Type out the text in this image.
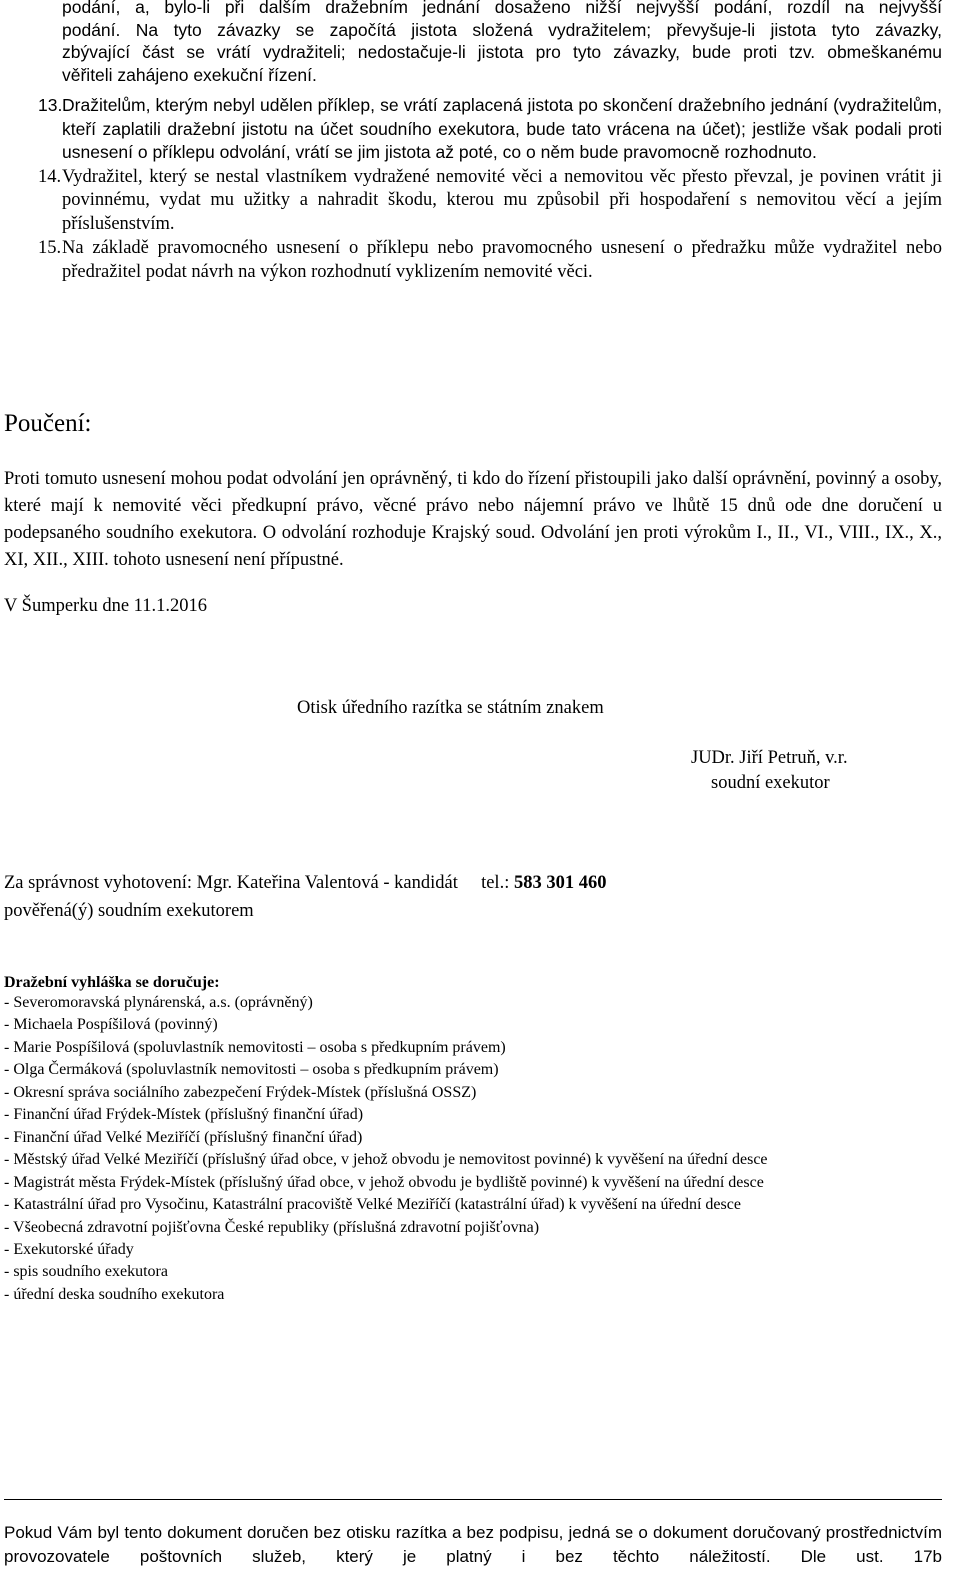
podání, a, bylo-li při dalším dražebním jednání dosaženo nižší nejvyšší podání, rozdíl na nejvyšší
podání. Na tyto závazky se započítá jistota složená vydražitelem; převyšuje-li jistota tyto závazky,
zbývající část se vrátí vydražiteli; nedostačuje-li jistota pro tyto závazky, bude proti tzv. obmeškanému
věřiteli zahájeno exekuční řízení.
13. Dražitelům, kterým nebyl udělen příklep, se vrátí zaplacená jistota po skončení dražebního jednání (vydražitelům, kteří zaplatili dražební jistotu na účet soudního exekutora, bude tato vrácena na účet); jestliže však podali proti usnesení o příklepu odvolání, vrátí se jim jistota až poté, co o něm bude pravomocně rozhodnuto.
14. Vydražitel, který se nestal vlastníkem vydražené nemovité věci a nemovitou věc přesto převzal, je povinen vrátit ji povinnému, vydat mu užitky a nahradit škodu, kterou mu způsobil při hospodaření s nemovitou věcí a jejím příslušenstvím.
15. Na základě pravomocného usnesení o příklepu nebo pravomocného usnesení o předražku může vydražitel nebo předražitel podat návrh na výkon rozhodnutí vyklizením nemovité věci.
Poučení:
Proti tomuto usnesení mohou podat odvolání jen oprávněný, ti kdo do řízení přistoupili jako další oprávnění, povinný a osoby, které mají k nemovité věci předkupní právo, věcné právo nebo nájemní právo ve lhůtě 15 dnů ode dne doručení u podepsaného soudního exekutora. O odvolání rozhoduje Krajský soud. Odvolání jen proti výrokům I., II., VI., VIII., IX., X., XI, XII., XIII. tohoto usnesení není přípustné.
V Šumperku dne 11.1.2016
Otisk úředního razítka se státním znakem
JUDr. Jiří Petruň, v.r.
soudní exekutor
Za správnost vyhotovení: Mgr. Kateřina Valentová - kandidát tel.: 583 301 460
pověřená(ý) soudním exekutorem
Dražební vyhláška se doručuje:
- Severomoravská plynárenská, a.s. (oprávněný)
- Michaela Pospíšilová (povinný)
- Marie Pospíšilová (spoluvlastník nemovitosti – osoba s předkupním právem)
- Olga Čermáková (spoluvlastník nemovitosti – osoba s předkupním právem)
- Okresní správa sociálního zabezpečení Frýdek-Místek (příslušná OSSZ)
- Finanční úřad Frýdek-Místek (příslušný finanční úřad)
- Finanční úřad Velké Meziříčí (příslušný finanční úřad)
- Městský úřad Velké Meziříčí (příslušný úřad obce, v jehož obvodu je nemovitost povinné) k vyvěšení na úřední desce
- Magistrát města Frýdek-Místek (příslušný úřad obce, v jehož obvodu je bydliště povinné) k vyvěšení na úřední desce
- Katastrální úřad pro Vysočinu, Katastrální pracoviště Velké Meziříčí (katastrální úřad) k vyvěšení na úřední desce
- Všeobecná zdravotní pojišťovna České republiky (příslušná zdravotní pojišťovna)
- Exekutorské úřady
- spis soudního exekutora
- úřední deska soudního exekutora
Pokud Vám byl tento dokument doručen bez otisku razítka a bez podpisu, jedná se o dokument doručovaný prostřednictvím provozovatele poštovních služeb, který je platný i bez těchto náležitostí. Dle ust. 17b
